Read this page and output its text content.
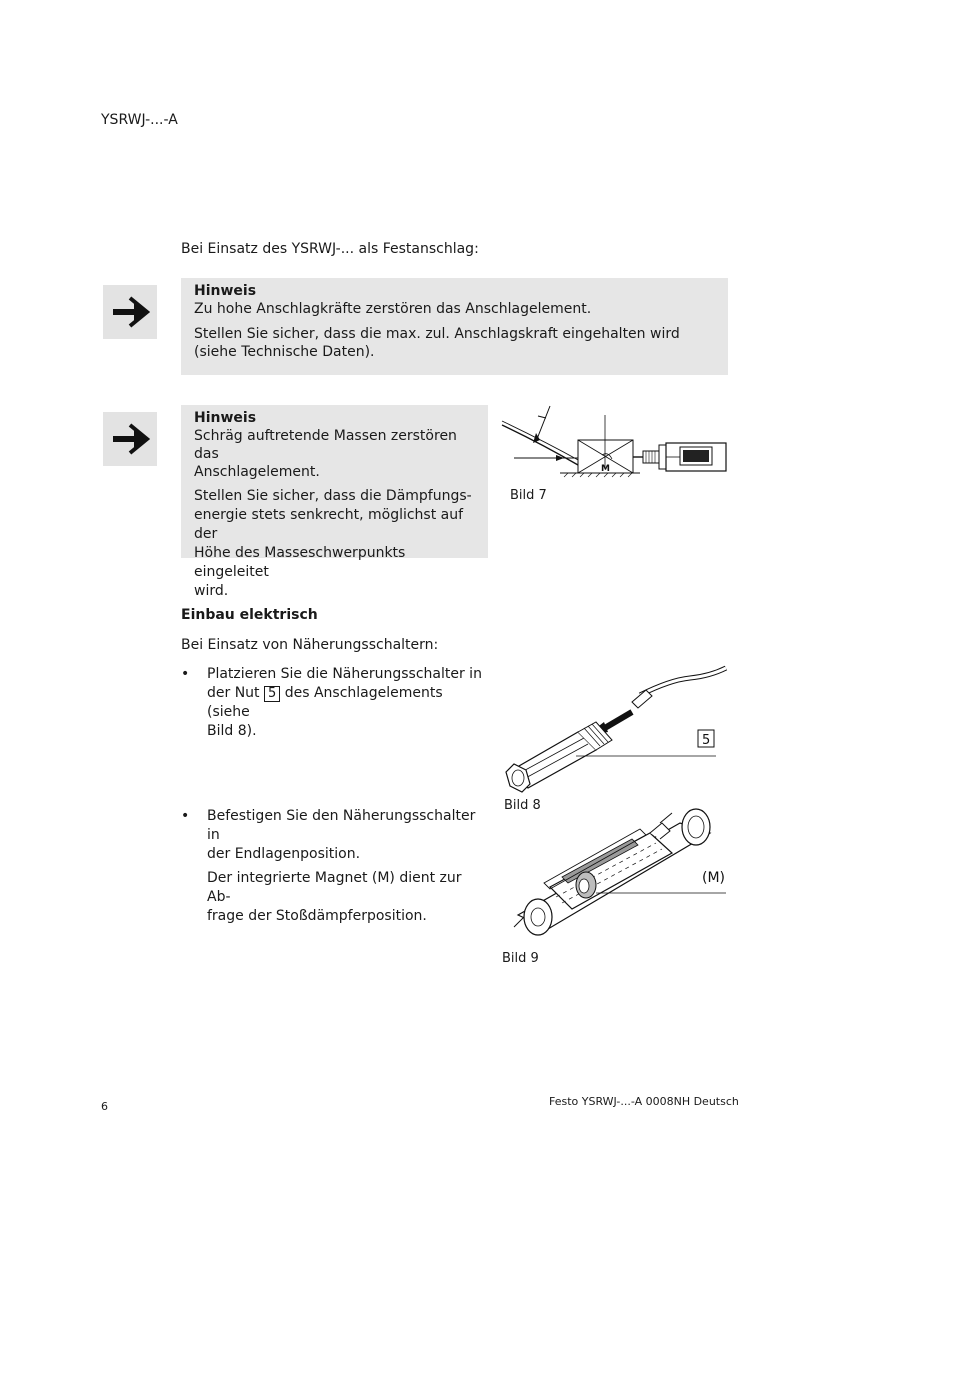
YSRWJ-...-A
Bei Einsatz des YSRWJ-... als Festanschlag:

Hinweis

Zu hohe Anschlagkräfte zerstören das Anschlagelement.

Stellen Sie sicher, dass die max. zul. Anschlagskraft eingehalten wird

(siehe Technische Daten).

Hinweis

Schräg auftretende Massen zerstören das

Anschlagelement.

Stellen Sie sicher, dass die Dämpfungs-

energie stets senkrecht, möglichst auf der

Höhe des Masseschwerpunkts eingeleitet

wird.

M
Bild 7
Einbau elektrisch
Bei Einsatz von Näherungsschaltern:
• Platzieren Sie die Näherungsschalter in
der Nut 5 des Anschlagelements (siehe
Bild 8).
• Befestigen Sie den Näherungsschalter in
der Endlagenposition.
Der integrierte Magnet (M) dient zur Ab-
frage der Stoßdämpferposition.
5
Bild 8
(M)
Bild 9
6	Festo YSRWJ-...-A 0008NH Deutsch
